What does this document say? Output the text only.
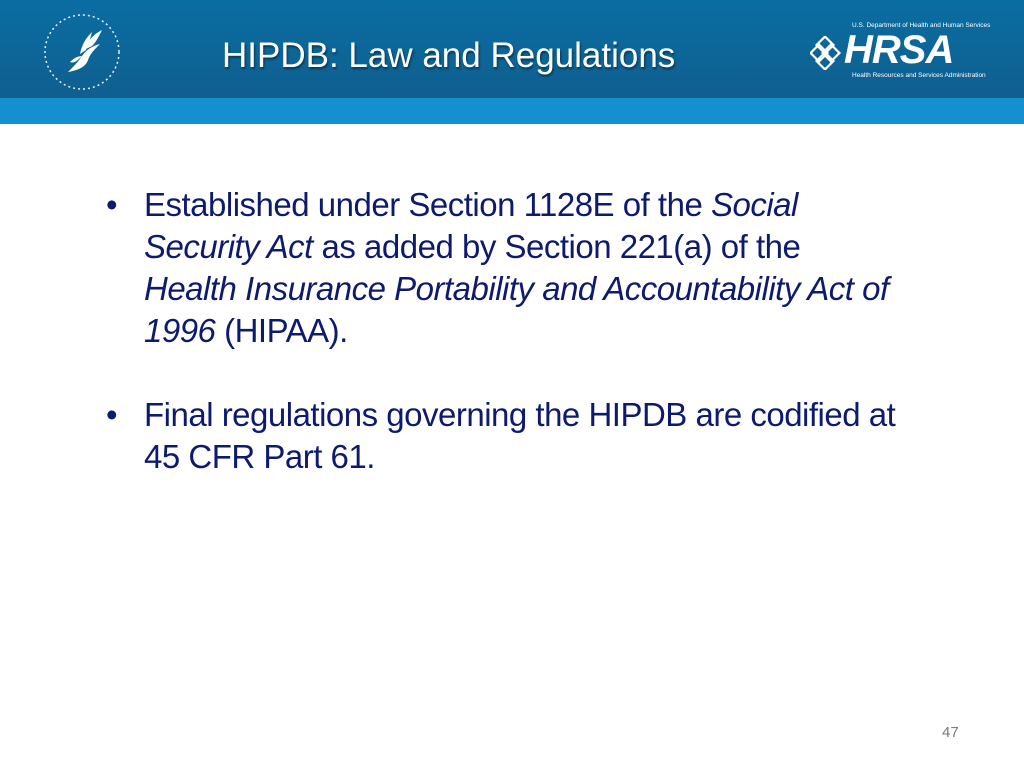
HIPDB: Law and Regulations
U.S. Department of Health and Human Services
HRSA
Health Resources and Services Administration
• Established under Section 1128E of the Social Security Act as added by Section 221(a) of the Health Insurance Portability and Accountability Act of 1996 (HIPAA).
• Final regulations governing the HIPDB are codified at 45 CFR Part 61.
47
